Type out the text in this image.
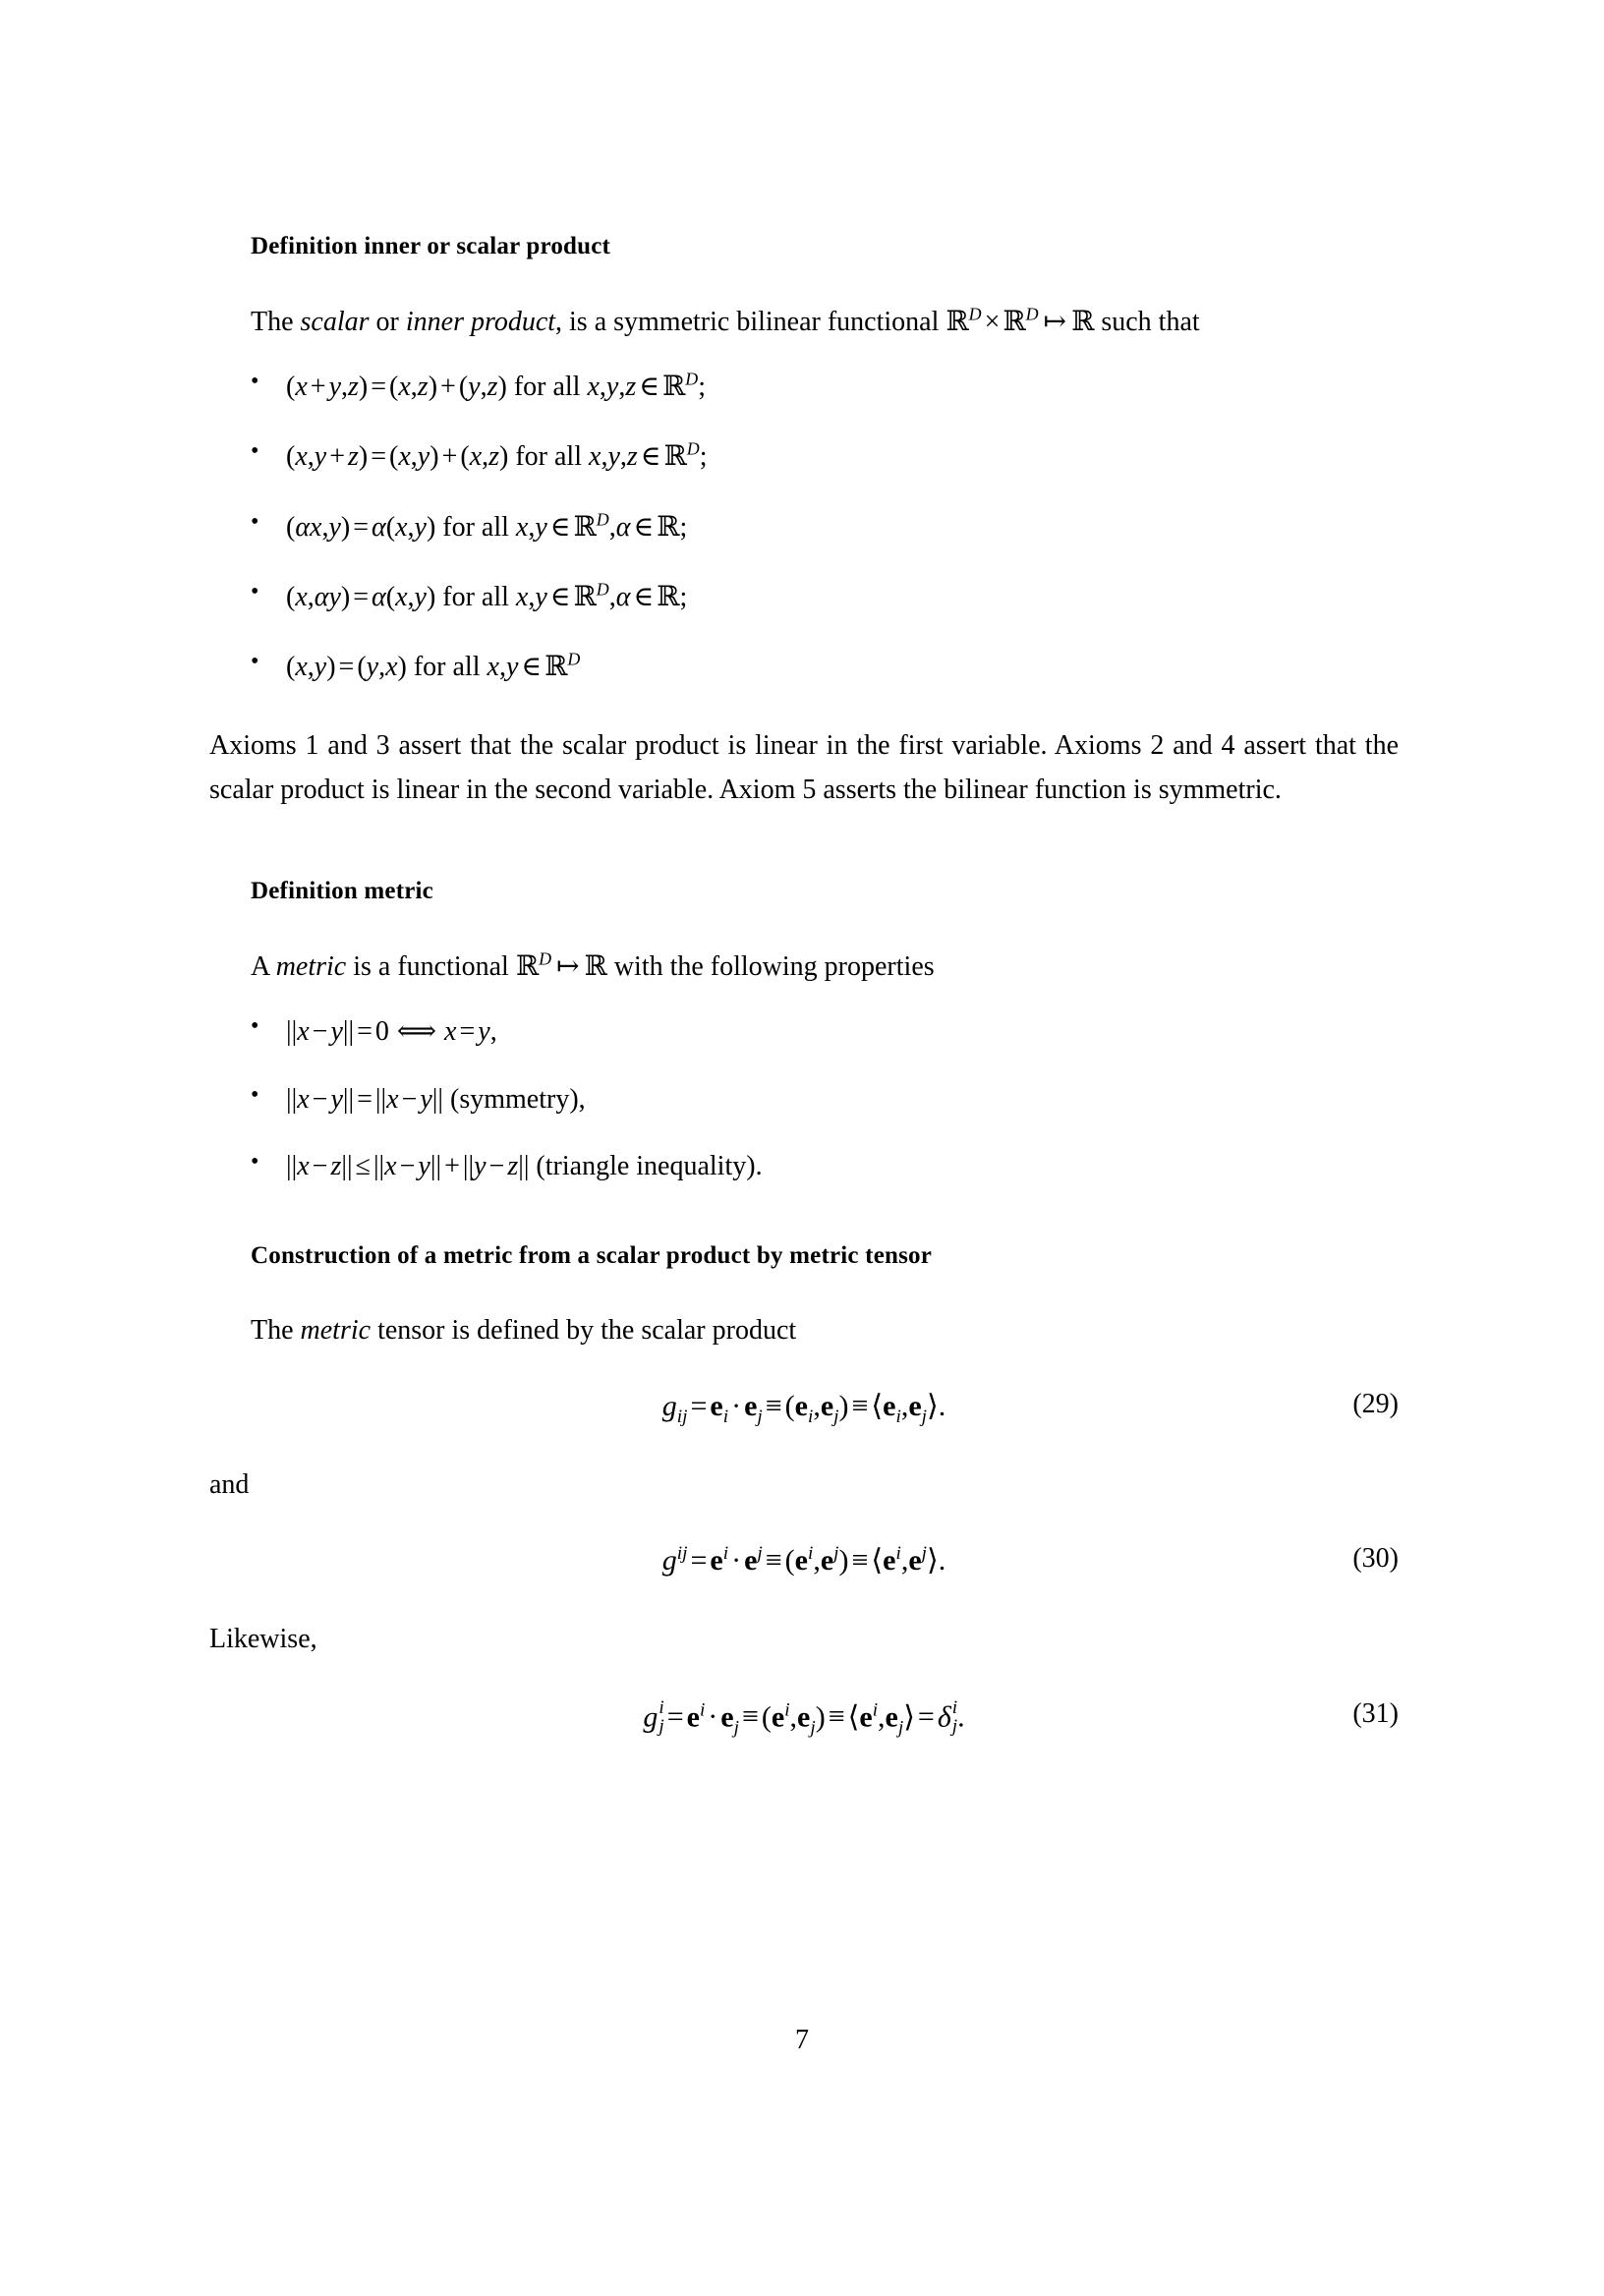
Definition inner or scalar product
The scalar or inner product, is a symmetric bilinear functional ℝ$^D$ × ℝ$^D$ ↦ ℝ such that
• (x + y,z) = (x,z) + (y,z) for all x,y,z ∈ ℝ$^D$;
• (x,y + z) = (x,y) + (x,z) for all x,y,z ∈ ℝ$^D$;
• (αx,y) = α(x,y) for all x,y ∈ ℝ$^D$,α ∈ ℝ;
• (x,αy) = α(x,y) for all x,y ∈ ℝ$^D$,α ∈ ℝ;
• (x,y) = (y,x) for all x,y ∈ ℝ$^D$
Axioms 1 and 3 assert that the scalar product is linear in the first variable. Axioms 2 and 4 assert that the scalar product is linear in the second variable. Axiom 5 asserts the bilinear function is symmetric.
Definition metric
A metric is a functional ℝ$^D$ ↦ ℝ with the following properties
• ||x − y|| = 0 ⟺ x = y,
• ||x − y|| = ||x − y|| (symmetry),
• ||x − z|| ≤ ||x − y|| + ||y − z|| (triangle inequality).
Construction of a metric from a scalar product by metric tensor
The metric tensor is defined by the scalar product
$g_{ij} = e_i \cdot e_j \equiv (e_i,e_j)$ ≡ $⟨e_i,e_j⟩$.	(29)
and
$g^{ij} = e^i \cdot e^j \equiv (e^i,e^j)$ ≡ $⟨e^i,e^j⟩$.	(30)
Likewise,
g i
$j = e^i \cdot e_j \equiv (e^i,e_j)$ ≡ $⟨e^i,e_j⟩ = \delta$ i
j .	(31)
7
